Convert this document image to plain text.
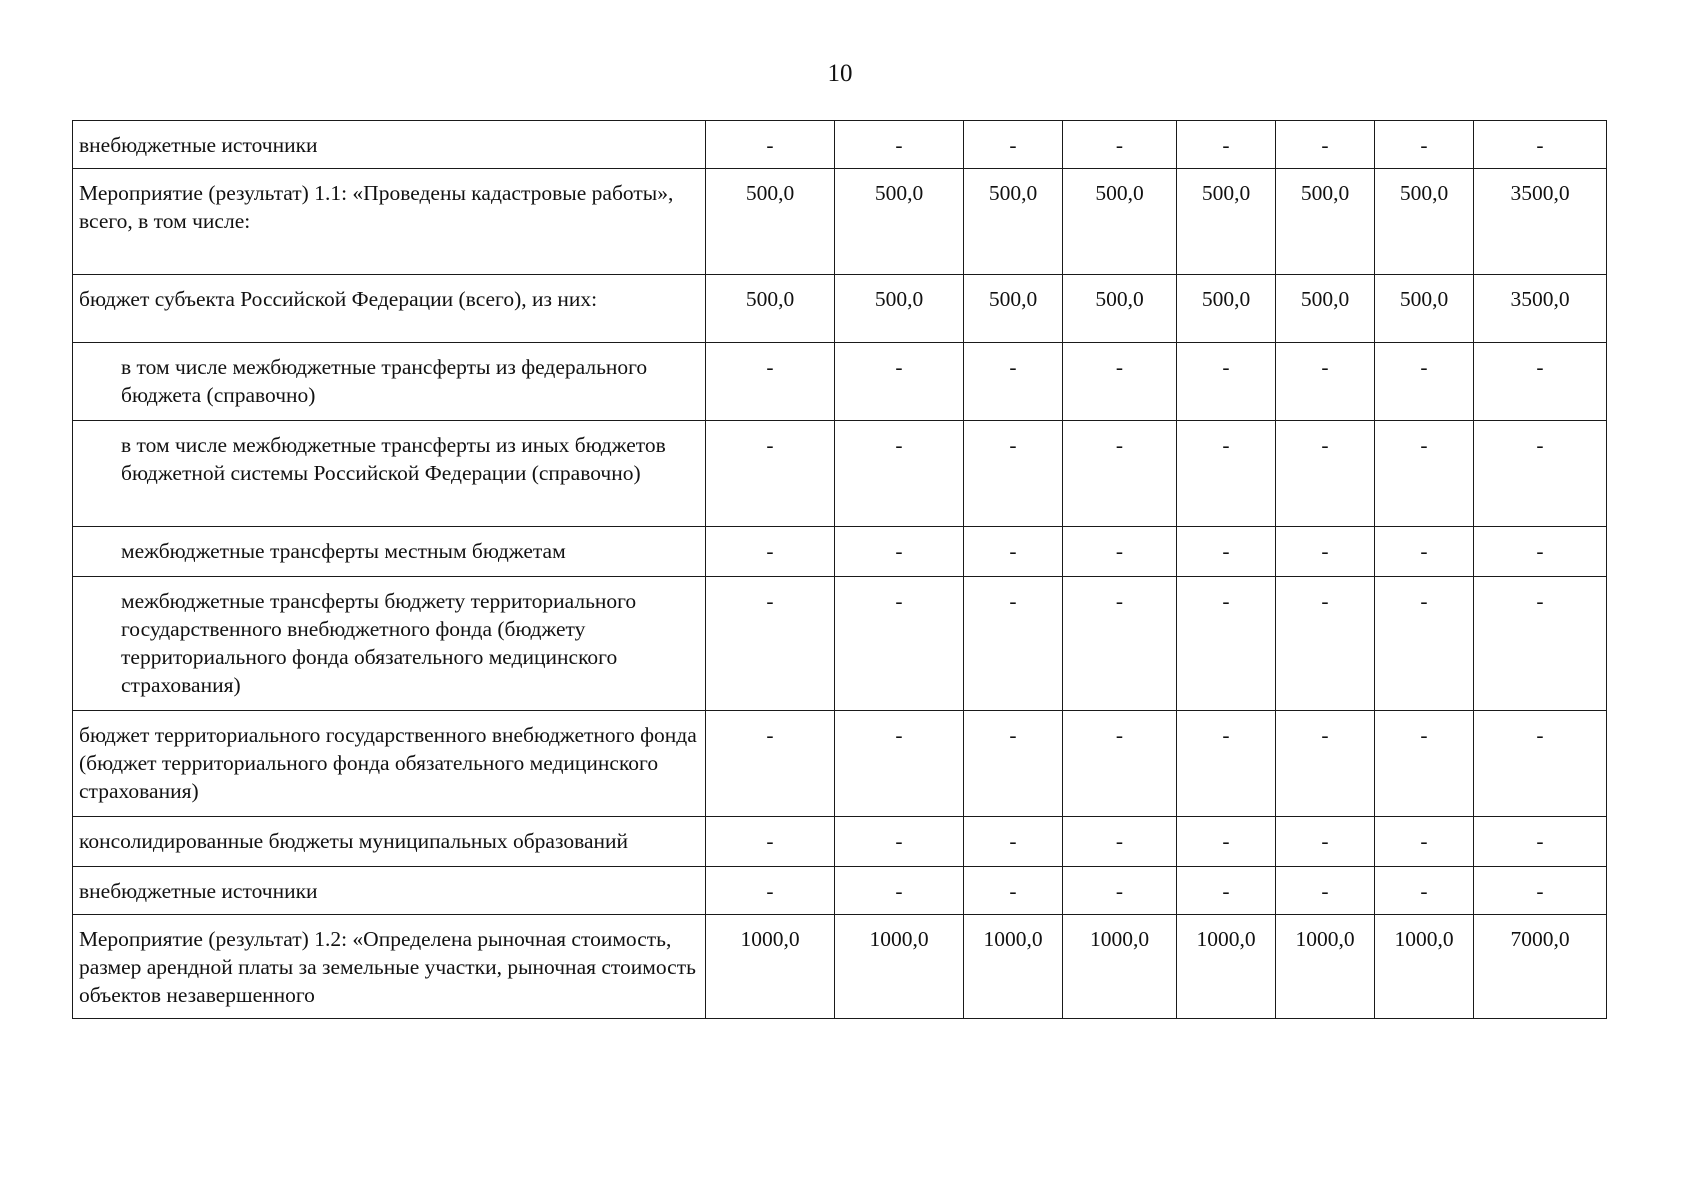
10
внебюджетные источники	-	-	-	-	-	-	-	-
Мероприятие (результат) 1.1: «Проведены кадастровые работы», всего, в том числе:	500,0	500,0	500,0	500,0	500,0	500,0	500,0	3500,0
бюджет субъекта Российской Федерации (всего), из них:	500,0	500,0	500,0	500,0	500,0	500,0	500,0	3500,0
в том числе межбюджетные трансферты из федерального бюджета (справочно)	-	-	-	-	-	-	-	-
в том числе межбюджетные трансферты из иных бюджетов бюджетной системы Российской Федерации (справочно)	-	-	-	-	-	-	-	-
межбюджетные трансферты местным бюджетам	-	-	-	-	-	-	-	-
межбюджетные трансферты бюджету территориального государственного внебюджетного фонда (бюджету территориального фонда обязательного медицинского страхования)	-	-	-	-	-	-	-	-
бюджет территориального государственного внебюджетного фонда (бюджет территориального фонда обязательного медицинского страхования)	-	-	-	-	-	-	-	-
консолидированные бюджеты муниципальных образований	-	-	-	-	-	-	-	-
внебюджетные источники	-	-	-	-	-	-	-	-
Мероприятие (результат) 1.2: «Определена рыночная стоимость, размер арендной платы за земельные участки, рыночная стоимость объектов незавершенного	1000,0	1000,0	1000,0	1000,0	1000,0	1000,0	1000,0	7000,0
